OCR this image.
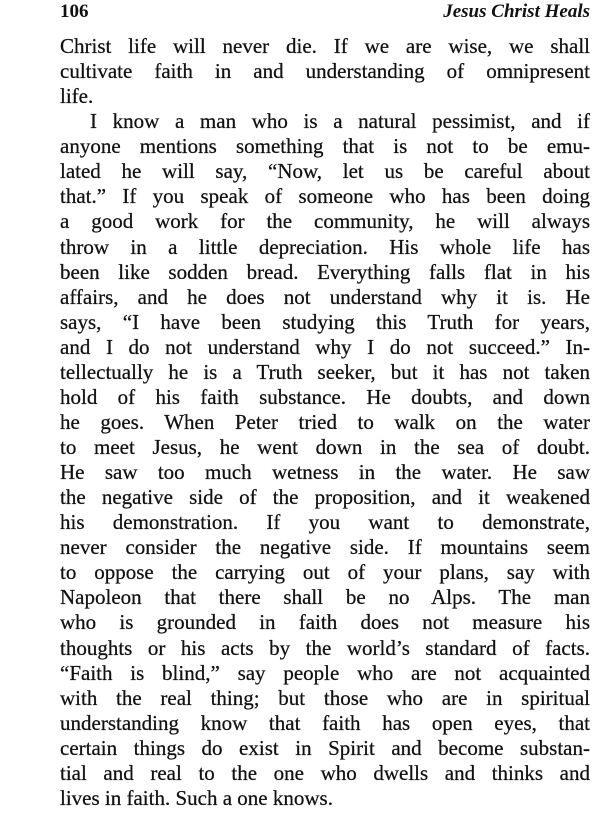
106	Jesus Christ Heals
Christ life will never die. If we are wise, we shall
cultivate faith in and understanding of omnipresent
life.
I know a man who is a natural pessimist, and if
anyone mentions something that is not to be emu-
lated he will say, “Now, let us be careful about
that.” If you speak of someone who has been doing
a good work for the community, he will always
throw in a little depreciation. His whole life has
been like sodden bread. Everything falls flat in his
affairs, and he does not understand why it is. He
says, “I have been studying this Truth for years,
and I do not understand why I do not succeed.” In-
tellectually he is a Truth seeker, but it has not taken
hold of his faith substance. He doubts, and down
he goes. When Peter tried to walk on the water
to meet Jesus, he went down in the sea of doubt.
He saw too much wetness in the water. He saw
the negative side of the proposition, and it weakened
his demonstration. If you want to demonstrate,
never consider the negative side. If mountains seem
to oppose the carrying out of your plans, say with
Napoleon that there shall be no Alps. The man
who is grounded in faith does not measure his
thoughts or his acts by the world’s standard of facts.
“Faith is blind,” say people who are not acquainted
with the real thing; but those who are in spiritual
understanding know that faith has open eyes, that
certain things do exist in Spirit and become substan-
tial and real to the one who dwells and thinks and
lives in faith. Such a one knows.
